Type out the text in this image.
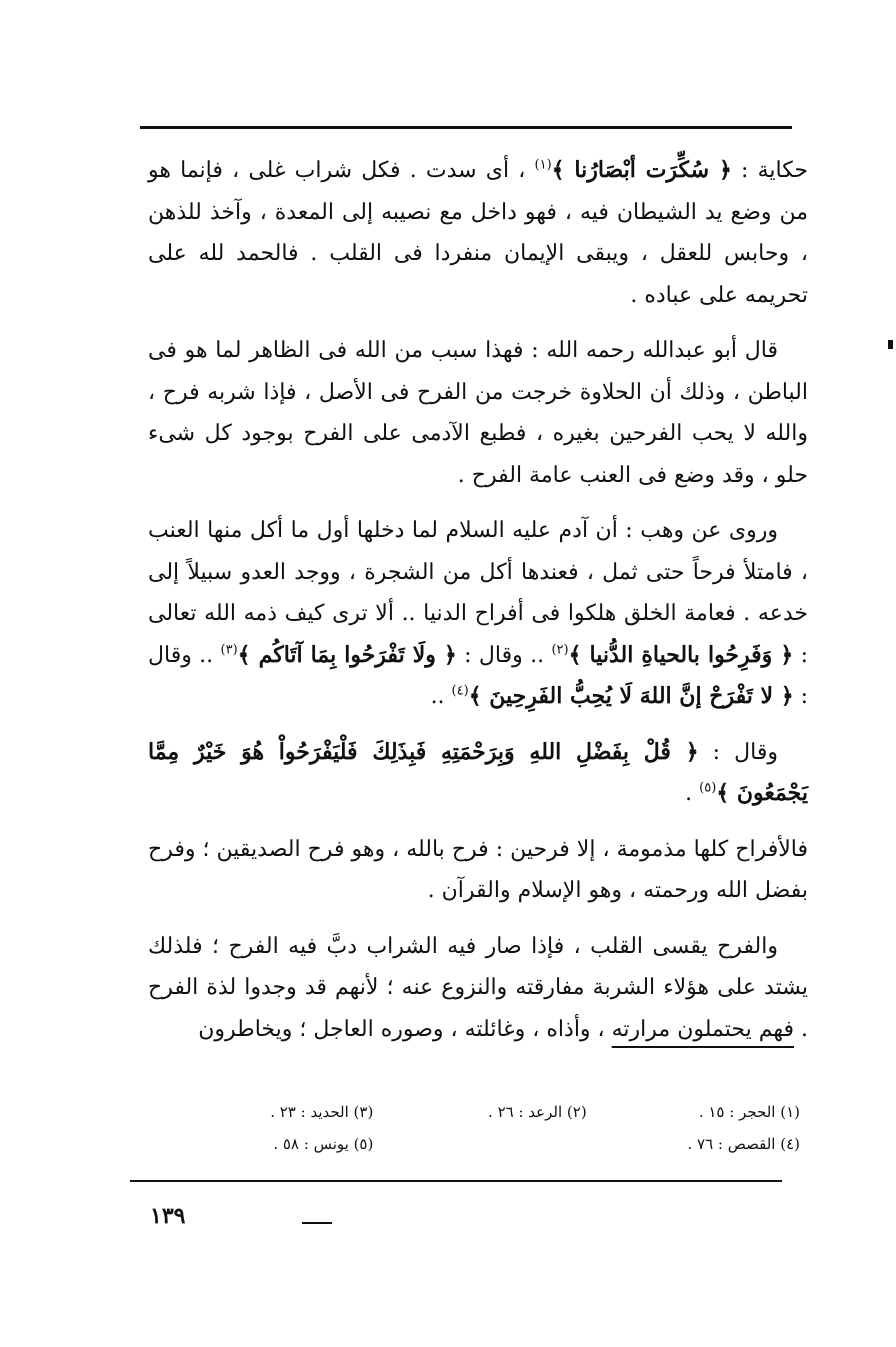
حكاية : ﴿ سُكِّرَت أبْصَارُنا ﴾$^{(١)}$ ، أى سدت . فكل شراب غلى ، فإنما هو من وضع يد الشيطان فيه ، فهو داخل مع نصيبه إلى المعدة ، وآخذ للذهن ، وحابس للعقل ، ويبقى الإيمان منفردا فى القلب . فالحمد لله على تحريمه على عباده .

قال أبو عبدالله رحمه الله : فهذا سبب من الله فى الظاهر لما هو فى الباطن ، وذلك أن الحلاوة خرجت من الفرح فى الأصل ، فإذا شربه فرح ، والله لا يحب الفرحين بغيره ، فطبع الآدمى على الفرح بوجود كل شىء حلو ، وقد وضع فى العنب عامة الفرح .

وروى عن وهب : أن آدم عليه السلام لما دخلها أول ما أكل منها العنب ، فامتلأ فرحاً حتى ثمل ، فعندها أكل من الشجرة ، ووجد العدو سبيلاً إلى خدعه . فعامة الخلق هلكوا فى أفراح الدنيا .. ألا ترى كيف ذمه الله تعالى : ﴿ وَفَرِحُوا بالحياةِ الدُّنيا ﴾$^{(٢)}$ .. وقال : ﴿ ولَا تَفْرَحُوا بِمَا آتَاكُم ﴾$^{(٣)}$ .. وقال : ﴿ لا تَفْرَحْ إنَّ اللهَ لَا يُحِبُّ الفَرِحِينَ ﴾$^{(٤)}$ ..

وقال : ﴿ قُلْ بِفَضْلِ اللهِ وَبِرَحْمَتِهِ فَبِذَلِكَ فَلْيَفْرَحُواْ هُوَ خَيْرٌ مِمَّا يَجْمَعُونَ ﴾$^{(٥)}$ .

فالأفراح كلها مذمومة ، إلا فرحين : فرح بالله ، وهو فرح الصديقين ؛ وفرح بفضل الله ورحمته ، وهو الإسلام والقرآن .

والفرح يقسى القلب ، فإذا صار فيه الشراب دبَّ فيه الفرح ؛ فلذلك يشتد على هؤلاء الشربة مفارقته والنزوع عنه ؛ لأنهم قد وجدوا لذة الفرح . فهم يحتملون مرارته ، وأذاه ، وغائلته ، وصوره العاجل ؛ ويخاطرون

(١) الحجر : ١٥ .
(٢) الرعد : ٢٦ .
(٣) الحديد : ٢٣ .
(٤) القصص : ٧٦ .
(٥) يونس : ٥٨ .
١٣٩
